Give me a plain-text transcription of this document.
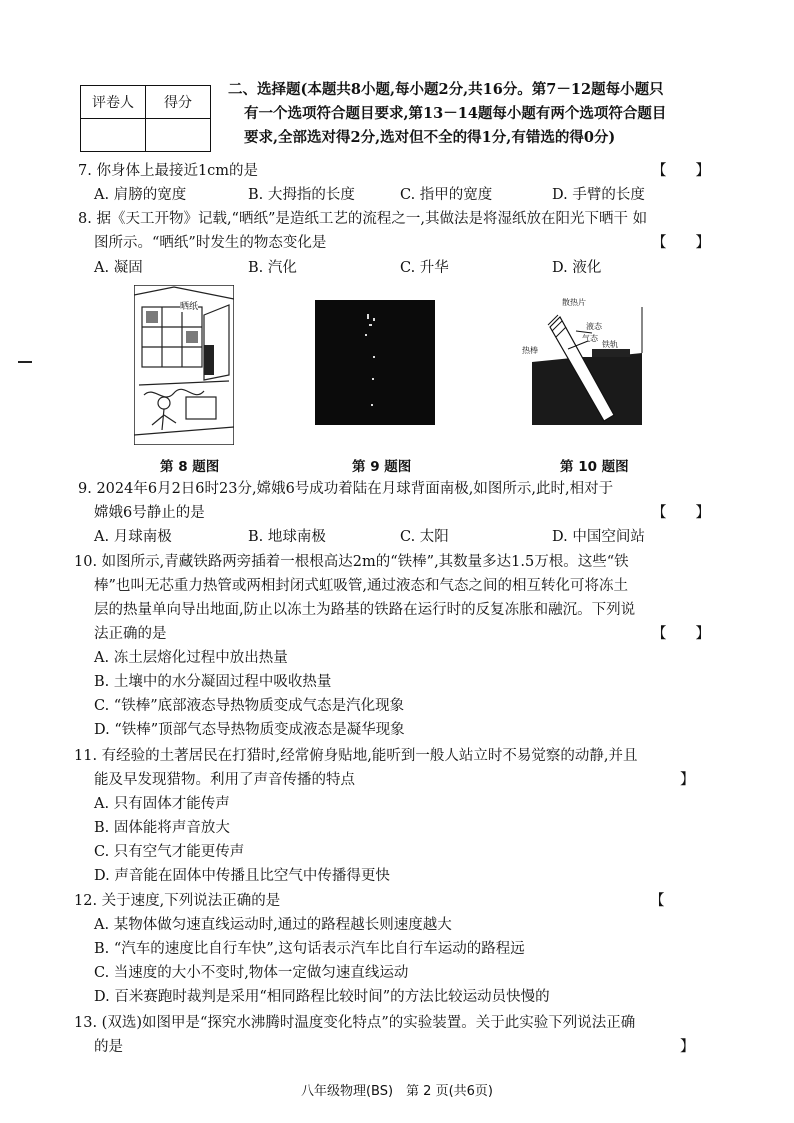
评卷人	得分

二、选择题(本题共8小题,每小题2分,共16分。第7－12题每小题只
有一个选项符合题目要求,第13－14题每小题有两个选项符合题目
要求,全部选对得2分,选对但不全的得1分,有错选的得0分)
7. 你身体上最接近1cm的是	【　　】
A. 肩膀的宽度	B. 大拇指的长度	C. 指甲的宽度	D. 手臂的长度
8. 据《天工开物》记载,“晒纸”是造纸工艺的流程之一,其做法是将湿纸放在阳光下晒干 如
图所示。“晒纸”时发生的物态变化是	【　　】
A. 凝固	B. 汽化	C. 升华	D. 液化
晒纸	散热片
液态
气态
热棒
铁轨
第 8 题图	第 9 题图	第 10 题图
9. 2024年6月2日6时23分,嫦娥6号成功着陆在月球背面南极,如图所示,此时,相对于
嫦娥6号静止的是	【　　】
A. 月球南极	B. 地球南极	C. 太阳	D. 中国空间站
10. 如图所示,青藏铁路两旁插着一根根高达2m的“铁棒”,其数量多达1.5万根。这些“铁
棒”也叫无芯重力热管或两相封闭式虹吸管,通过液态和气态之间的相互转化可将冻土
层的热量单向导出地面,防止以冻土为路基的铁路在运行时的反复冻胀和融沉。下列说
法正确的是	【　　】
A. 冻土层熔化过程中放出热量
B. 土壤中的水分凝固过程中吸收热量
C. “铁棒”底部液态导热物质变成气态是汽化现象
D. “铁棒”顶部气态导热物质变成液态是凝华现象
11. 有经验的土著居民在打猎时,经常俯身贴地,能听到一般人站立时不易觉察的动静,并且
能及早发现猎物。利用了声音传播的特点	】
A. 只有固体才能传声
B. 固体能将声音放大
C. 只有空气才能更传声
D. 声音能在固体中传播且比空气中传播得更快
12. 关于速度,下列说法正确的是	【　　
A. 某物体做匀速直线运动时,通过的路程越长则速度越大
B. “汽车的速度比自行车快”,这句话表示汽车比自行车运动的路程远
C. 当速度的大小不变时,物体一定做匀速直线运动
D. 百米赛跑时裁判是采用“相同路程比较时间”的方法比较运动员快慢的
13. (双选)如图甲是“探究水沸腾时温度变化特点”的实验装置。关于此实验下列说法正确
的是	】
八年级物理(BS)　第 2 页(共6页)
